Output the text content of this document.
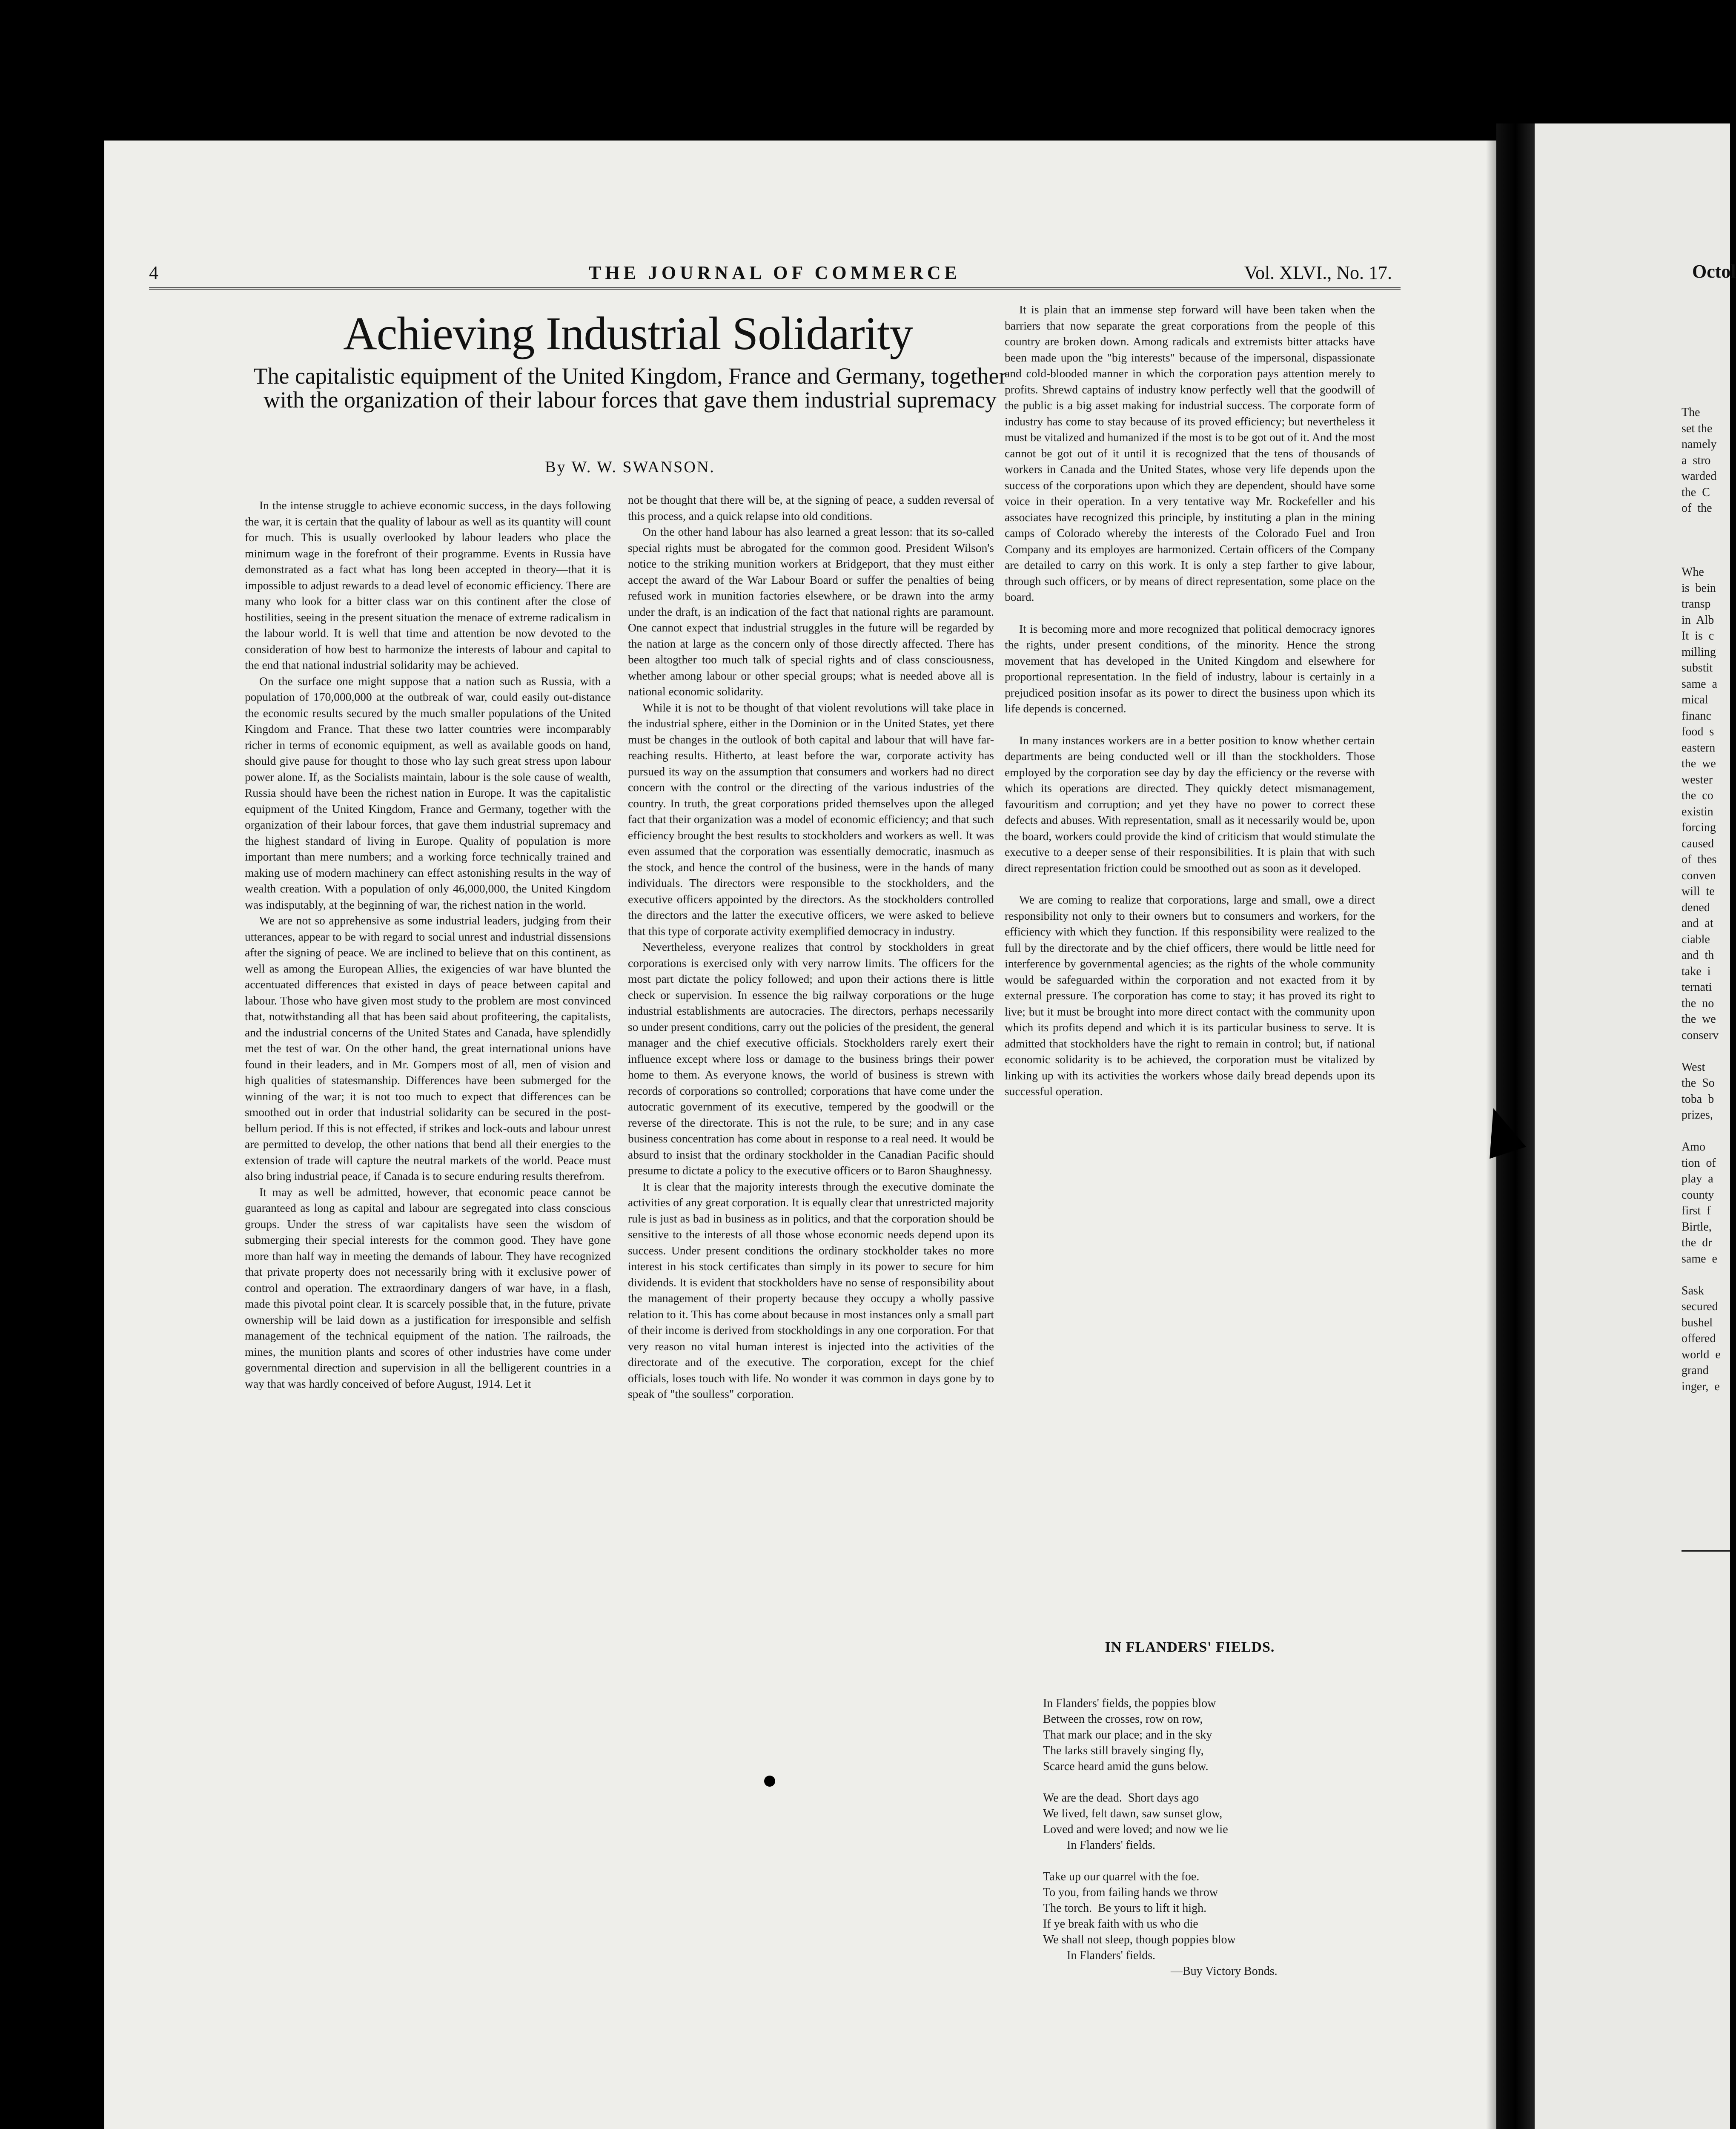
4	THE JOURNAL OF COMMERCE	Vol. XLVI., No. 17.
Achieving Industrial Solidarity
The capitalistic equipment of the United Kingdom, France and Germany, together with the organization of their labour forces that gave them industrial supremacy
By W. W. SWANSON.

In the intense struggle to achieve economic success, in the days following the war, it is certain that the quality of labour as well as its quantity will count for much. This is usually overlooked by labour leaders who place the minimum wage in the forefront of their programme. Events in Russia have demonstrated as a fact what has long been accepted in theory—that it is impossible to adjust rewards to a dead level of economic efficiency. There are many who look for a bitter class war on this continent after the close of hostilities, seeing in the present situation the menace of extreme radicalism in the labour world. It is well that time and attention be now devoted to the consideration of how best to harmonize the interests of labour and capital to the end that national industrial solidarity may be achieved.

On the surface one might suppose that a nation such as Russia, with a population of 170,000,000 at the outbreak of war, could easily out-distance the economic results secured by the much smaller populations of the United Kingdom and France. That these two latter countries were incomparably richer in terms of economic equipment, as well as available goods on hand, should give pause for thought to those who lay such great stress upon labour power alone. If, as the Socialists maintain, labour is the sole cause of wealth, Russia should have been the richest nation in Europe. It was the capitalistic equipment of the United Kingdom, France and Germany, together with the organization of their labour forces, that gave them industrial supremacy and the highest standard of living in Europe. Quality of population is more important than mere numbers; and a working force technically trained and making use of modern machinery can effect astonishing results in the way of wealth creation. With a population of only 46,000,000, the United Kingdom was indisputably, at the beginning of war, the richest nation in the world.

We are not so apprehensive as some industrial leaders, judging from their utterances, appear to be with regard to social unrest and industrial dissensions after the signing of peace. We are inclined to believe that on this continent, as well as among the European Allies, the exigencies of war have blunted the accentuated differences that existed in days of peace between capital and labour. Those who have given most study to the problem are most convinced that, notwithstanding all that has been said about profiteering, the capitalists, and the industrial concerns of the United States and Canada, have splendidly met the test of war. On the other hand, the great international unions have found in their leaders, and in Mr. Gompers most of all, men of vision and high qualities of statesmanship. Differences have been submerged for the winning of the war; it is not too much to expect that differences can be smoothed out in order that industrial solidarity can be secured in the post-bellum period. If this is not effected, if strikes and lock-outs and labour unrest are permitted to develop, the other nations that bend all their energies to the extension of trade will capture the neutral markets of the world. Peace must also bring industrial peace, if Canada is to secure enduring results therefrom.

It may as well be admitted, however, that economic peace cannot be guaranteed as long as capital and labour are segregated into class conscious groups. Under the stress of war capitalists have seen the wisdom of submerging their special interests for the common good. They have gone more than half way in meeting the demands of labour. They have recognized that private property does not necessarily bring with it exclusive power of control and operation. The extraordinary dangers of war have, in a flash, made this pivotal point clear. It is scarcely possible that, in the future, private ownership will be laid down as a justification for irresponsible and selfish management of the technical equipment of the nation. The railroads, the mines, the munition plants and scores of other industries have come under governmental direction and supervision in all the belligerent countries in a way that was hardly conceived of before August, 1914. Let it

not be thought that there will be, at the signing of peace, a sudden reversal of this process, and a quick relapse into old conditions.

On the other hand labour has also learned a great lesson: that its so-called special rights must be abrogated for the common good. President Wilson's notice to the striking munition workers at Bridgeport, that they must either accept the award of the War Labour Board or suffer the penalties of being refused work in munition factories elsewhere, or be drawn into the army under the draft, is an indication of the fact that national rights are paramount. One cannot expect that industrial struggles in the future will be regarded by the nation at large as the concern only of those directly affected. There has been altogther too much talk of special rights and of class consciousness, whether among labour or other special groups; what is needed above all is national economic solidarity.

While it is not to be thought of that violent revolutions will take place in the industrial sphere, either in the Dominion or in the United States, yet there must be changes in the outlook of both capital and labour that will have far-reaching results. Hitherto, at least before the war, corporate activity has pursued its way on the assumption that consumers and workers had no direct concern with the control or the directing of the various industries of the country. In truth, the great corporations prided themselves upon the alleged fact that their organization was a model of economic efficiency; and that such efficiency brought the best results to stockholders and workers as well. It was even assumed that the corporation was essentially democratic, inasmuch as the stock, and hence the control of the business, were in the hands of many individuals. The directors were responsible to the stockholders, and the executive officers appointed by the directors. As the stockholders controlled the directors and the latter the executive officers, we were asked to believe that this type of corporate activity exemplified democracy in industry.

Nevertheless, everyone realizes that control by stockholders in great corporations is exercised only with very narrow limits. The officers for the most part dictate the policy followed; and upon their actions there is little check or supervision. In essence the big railway corporations or the huge industrial establishments are autocracies. The directors, perhaps necessarily so under present conditions, carry out the policies of the president, the general manager and the chief executive officials. Stockholders rarely exert their influence except where loss or damage to the business brings their power home to them. As everyone knows, the world of business is strewn with records of corporations so controlled; corporations that have come under the autocratic government of its executive, tempered by the goodwill or the reverse of the directorate. This is not the rule, to be sure; and in any case business concentration has come about in response to a real need. It would be absurd to insist that the ordinary stockholder in the Canadian Pacific should presume to dictate a policy to the executive officers or to Baron Shaughnessy.

It is clear that the majority interests through the executive dominate the activities of any great corporation. It is equally clear that unrestricted majority rule is just as bad in business as in politics, and that the corporation should be sensitive to the interests of all those whose economic needs depend upon its success. Under present conditions the ordinary stockholder takes no more interest in his stock certificates than simply in its power to secure for him dividends. It is evident that stockholders have no sense of responsibility about the management of their property because they occupy a wholly passive relation to it. This has come about because in most instances only a small part of their income is derived from stockholdings in any one corporation. For that very reason no vital human interest is injected into the activities of the directorate and of the executive. The corporation, except for the chief officials, loses touch with life. No wonder it was common in days gone by to speak of "the soulless" corporation.

It is plain that an immense step forward will have been taken when the barriers that now separate the great corporations from the people of this country are broken down. Among radicals and extremists bitter attacks have been made upon the "big interests" because of the impersonal, dispassionate and cold-blooded manner in which the corporation pays attention merely to profits. Shrewd captains of industry know perfectly well that the goodwill of the public is a big asset making for industrial success. The corporate form of industry has come to stay because of its proved efficiency; but nevertheless it must be vitalized and humanized if the most is to be got out of it. And the most cannot be got out of it until it is recognized that the tens of thousands of workers in Canada and the United States, whose very life depends upon the success of the corporations upon which they are dependent, should have some voice in their operation. In a very tentative way Mr. Rockefeller and his associates have recognized this principle, by instituting a plan in the mining camps of Colorado whereby the interests of the Colorado Fuel and Iron Company and its employes are harmonized. Certain officers of the Company are detailed to carry on this work. It is only a step farther to give labour, through such officers, or by means of direct representation, some place on the board.

It is becoming more and more recognized that political democracy ignores the rights, under present conditions, of the minority. Hence the strong movement that has developed in the United Kingdom and elsewhere for proportional representation. In the field of industry, labour is certainly in a prejudiced position insofar as its power to direct the business upon which its life depends is concerned.

In many instances workers are in a better position to know whether certain departments are being conducted well or ill than the stockholders. Those employed by the corporation see day by day the efficiency or the reverse with which its operations are directed. They quickly detect mismanagement, favouritism and corruption; and yet they have no power to correct these defects and abuses. With representation, small as it necessarily would be, upon the board, workers could provide the kind of criticism that would stimulate the executive to a deeper sense of their responsibilities. It is plain that with such direct representation friction could be smoothed out as soon as it developed.

We are coming to realize that corporations, large and small, owe a direct responsibility not only to their owners but to consumers and workers, for the efficiency with which they function. If this responsibility were realized to the full by the directorate and by the chief officers, there would be little need for interference by governmental agencies; as the rights of the whole community would be safeguarded within the corporation and not exacted from it by external pressure. The corporation has come to stay; it has proved its right to live; but it must be brought into more direct contact with the community upon which its profits depend and which it is its particular business to serve. It is admitted that stockholders have the right to remain in control; but, if national economic solidarity is to be achieved, the corporation must be vitalized by linking up with its activities the workers whose daily bread depends upon its successful operation.

IN FLANDERS' FIELDS.
In Flanders' fields, the poppies blow
Between the crosses, row on row,
That mark our place; and in the sky
The larks still bravely singing fly,
Scarce heard amid the guns below.
We are the dead.  Short days ago
We lived, felt dawn, saw sunset glow,
Loved and were loved; and now we lie
In Flanders' fields.
Take up our quarrel with the foe.
To you, from failing hands we throw
The torch.  Be yours to lift it high.
If ye break faith with us who die
We shall not sleep, though poppies blow
In Flanders' fields.
—Buy Victory Bonds.
Octol
The
set the
namely
a  stro
warded
the  C
of  the

Whe
is  bein
transp
in  Alb
It  is  c
milling
substit
same  a
mical
financ
food  s
eastern
the  we
wester
the  co
existin
forcing
caused
of  thes
conven
will  te
dened
and  at
ciable
and  th
take  i
ternati
the  no
the  we
conserv

West
the  So
toba  b
prizes,

Amo
tion  of
play  a
county
first  f
Birtle,
the  dr
same  e

Sask
secured
bushel
offered
world  e
grand
inger,  e
